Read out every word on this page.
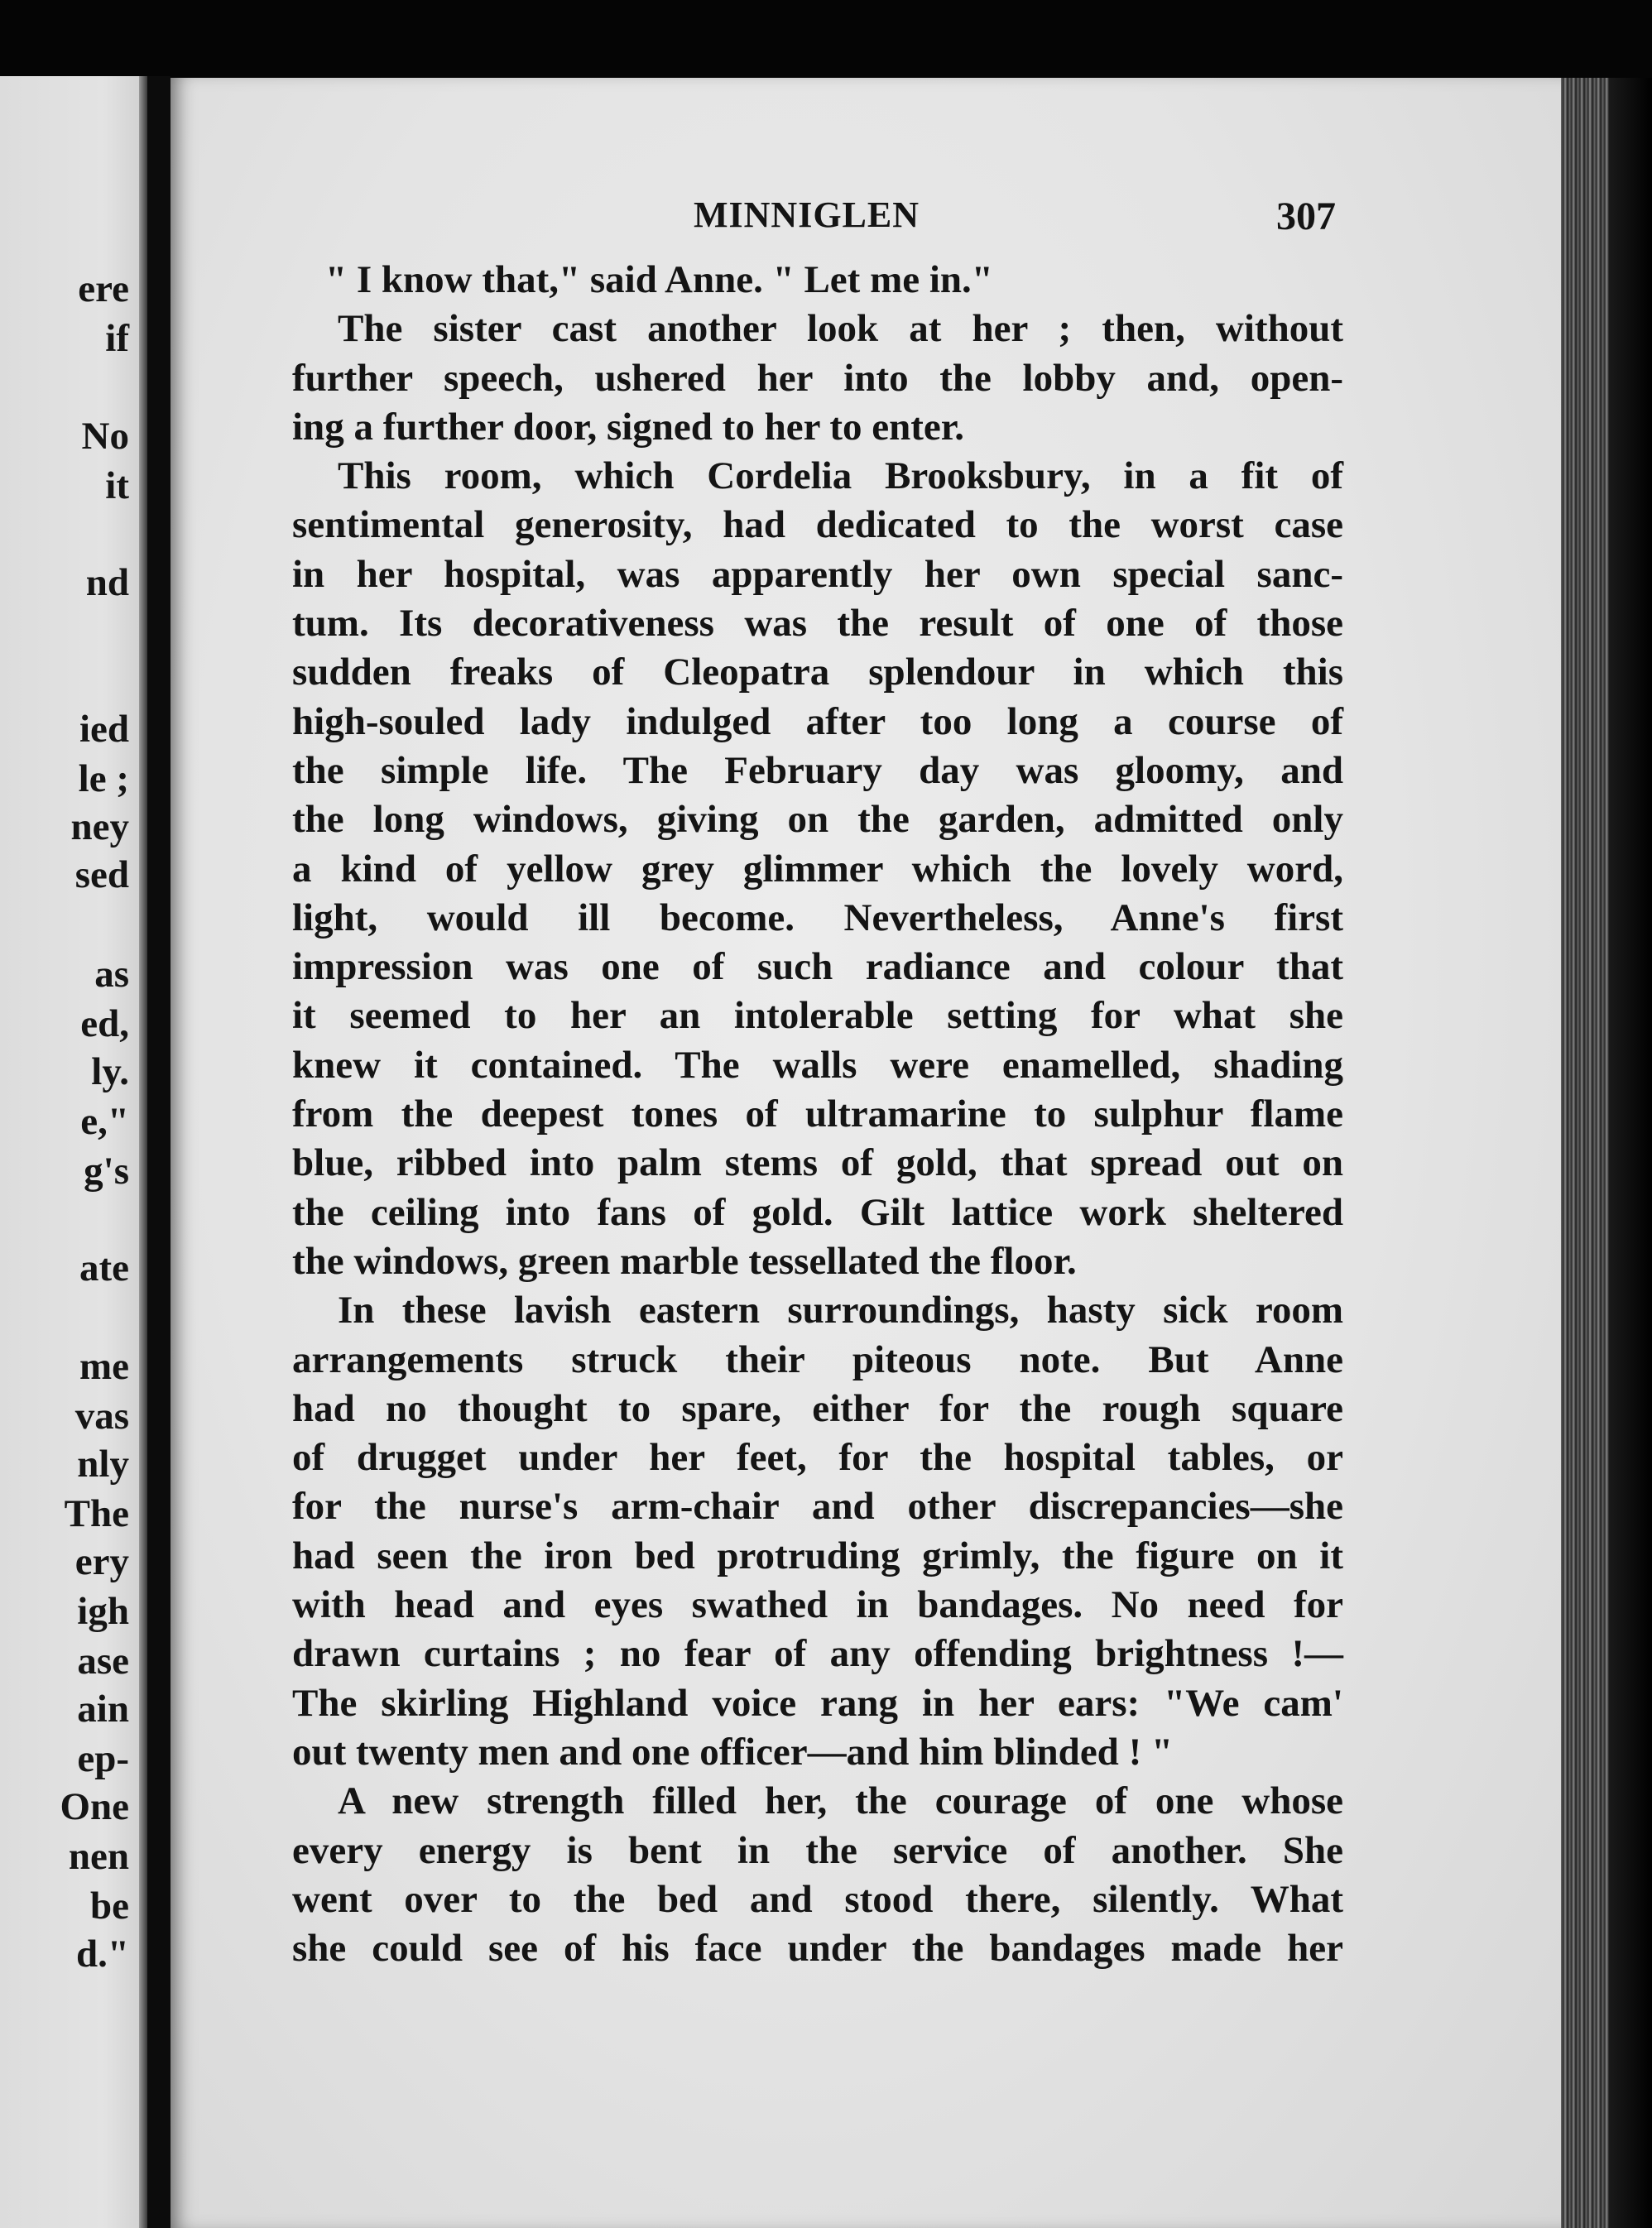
ere
if
No
it
nd
ied
le ;
ney
sed
as
ed,
ly.
e,"
g's
ate
me
vas
nly
The
ery
igh
ase
ain
ep-
One
nen
be
d."
MINNIGLEN	307
" I know that," said Anne. " Let me in."
The sister cast another look at her ; then, without
further speech, ushered her into the lobby and, open-
ing a further door, signed to her to enter.
This room, which Cordelia Brooksbury, in a fit of
sentimental generosity, had dedicated to the worst case
in her hospital, was apparently her own special sanc-
tum. Its decorativeness was the result of one of those
sudden freaks of Cleopatra splendour in which this
high-souled lady indulged after too long a course of
the simple life. The February day was gloomy, and
the long windows, giving on the garden, admitted only
a kind of yellow grey glimmer which the lovely word,
light, would ill become. Nevertheless, Anne's first
impression was one of such radiance and colour that
it seemed to her an intolerable setting for what she
knew it contained. The walls were enamelled, shading
from the deepest tones of ultramarine to sulphur flame
blue, ribbed into palm stems of gold, that spread out on
the ceiling into fans of gold. Gilt lattice work sheltered
the windows, green marble tessellated the floor.
In these lavish eastern surroundings, hasty sick room
arrangements struck their piteous note. But Anne
had no thought to spare, either for the rough square
of drugget under her feet, for the hospital tables, or
for the nurse's arm-chair and other discrepancies—she
had seen the iron bed protruding grimly, the figure on it
with head and eyes swathed in bandages. No need for
drawn curtains ; no fear of any offending brightness !—
The skirling Highland voice rang in her ears: "We cam'
out twenty men and one officer—and him blinded ! "
A new strength filled her, the courage of one whose
every energy is bent in the service of another. She
went over to the bed and stood there, silently. What
she could see of his face under the bandages made her
